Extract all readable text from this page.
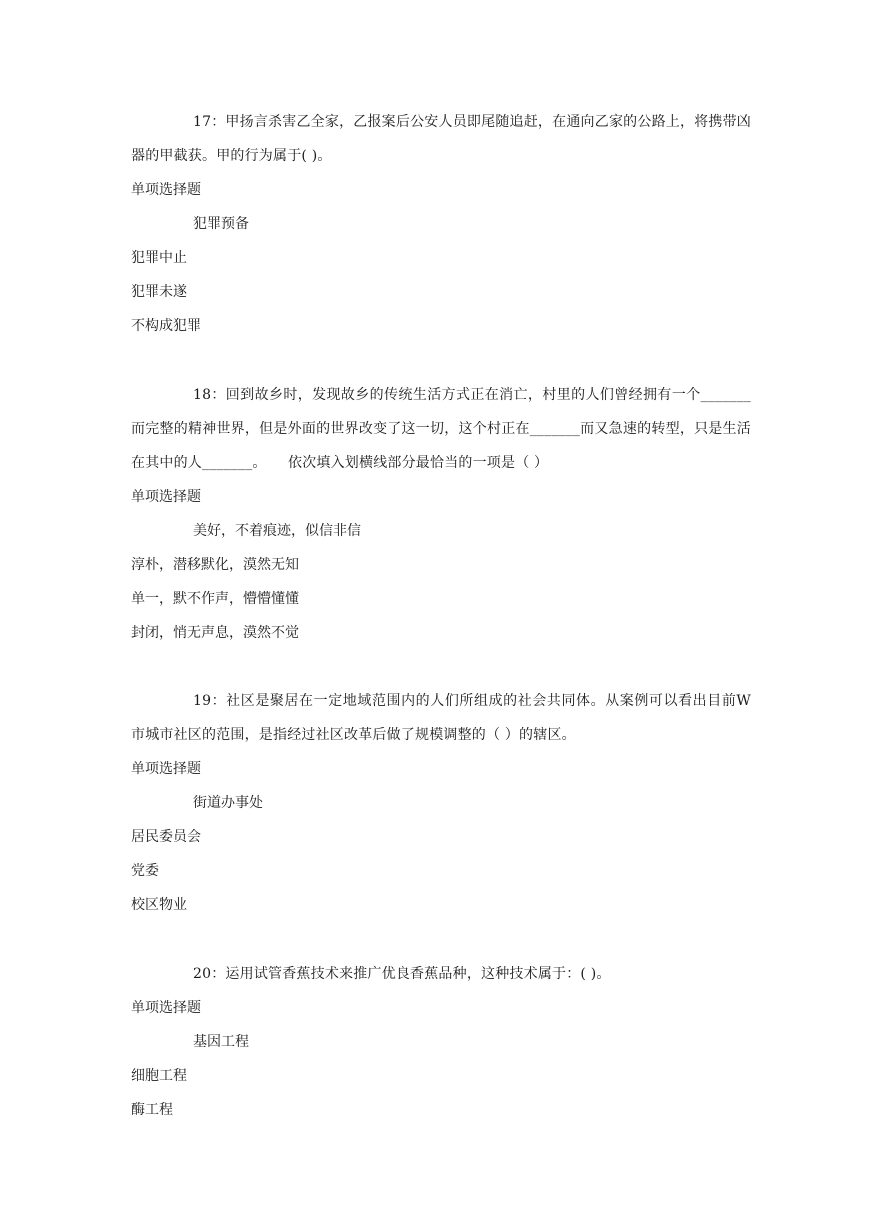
17：甲扬言杀害乙全家，乙报案后公安人员即尾随追赶，在通向乙家的公路上，将携带凶器的甲截获。甲的行为属于( )。

单项选择题

犯罪预备

犯罪中止

犯罪未遂

不构成犯罪

18：回到故乡时，发现故乡的传统生活方式正在消亡，村里的人们曾经拥有一个_______而完整的精神世界，但是外面的世界改变了这一切，这个村正在_______而又急速的转型，只是生活在其中的人_______。　　依次填入划横线部分最恰当的一项是（ ）

单项选择题

美好，不着痕迹，似信非信

淳朴，潜移默化，漠然无知

单一，默不作声，懵懵懂懂

封闭，悄无声息，漠然不觉

19：社区是聚居在一定地域范围内的人们所组成的社会共同体。从案例可以看出目前W市城市社区的范围，是指经过社区改革后做了规模调整的（ ）的辖区。

单项选择题

街道办事处

居民委员会

党委

校区物业

20：运用试管香蕉技术来推广优良香蕉品种，这种技术属于：( )。

单项选择题

基因工程

细胞工程

酶工程
